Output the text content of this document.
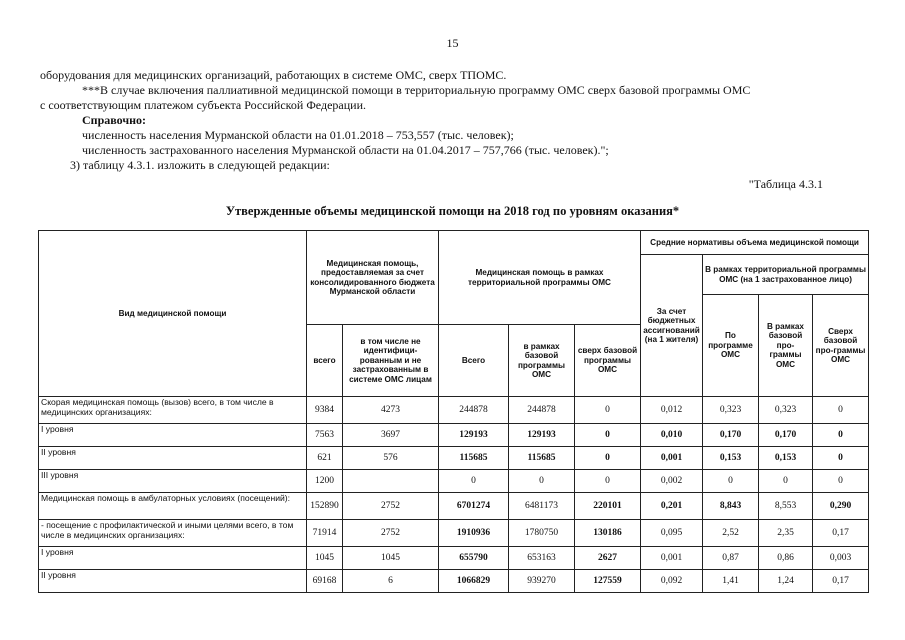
15
оборудования для медицинских организаций, работающих в системе ОМС, сверх ТПОМС.
***В случае включения паллиативной медицинской помощи в территориальную программу ОМС сверх базовой программы ОМС
с соответствующим платежом субъекта Российской Федерации.
Справочно:
численность населения Мурманской области на 01.01.2018 – 753,557 (тыс. человек);
численность застрахованного населения Мурманской области на 01.04.2017 – 757,766 (тыс. человек).";
3) таблицу 4.3.1. изложить в следующей редакции:
"Таблица 4.3.1
Утвержденные объемы медицинской помощи на 2018 год по уровням оказания*
Вид медицинской помощи	Медицинская помощь, предоставляемая за счет консолидированного бюджета Мурманской области		Медицинская помощь в рамках территориальной программы ОМС			Средние нормативы объема медицинской помощи			
						За счет бюджетных ассигнований (на 1 жителя)	В рамках территориальной программы ОМС (на 1 застрахованное лицо)		
							По программе ОМС	В рамках базовой про-граммы ОМС	Сверх базовой про-граммы ОМС
	всего	в том числе не идентифици-рованным и не застрахованным в системе ОМС лицам	Всего	в рамках базовой программы ОМС	сверх базовой программы ОМС				
Скорая медицинская помощь (вызов) всего, в том числе в медицинских организациях:	9384	4273	244878	244878	0	0,012	0,323	0,323	0
I уровня	7563	3697	129193	129193	0	0,010	0,170	0,170	0
II уровня	621	576	115685	115685	0	0,001	0,153	0,153	0
III уровня	1200		0	0	0	0,002	0	0	0
Медицинская помощь в амбулаторных условиях (посещений):	152890	2752	6701274	6481173	220101	0,201	8,843	8,553	0,290
- посещение с профилактической и иными целями всего, в том числе в медицинских организациях:	71914	2752	1910936	1780750	130186	0,095	2,52	2,35	0,17
I уровня	1045	1045	655790	653163	2627	0,001	0,87	0,86	0,003
II уровня	69168	6	1066829	939270	127559	0,092	1,41	1,24	0,17
